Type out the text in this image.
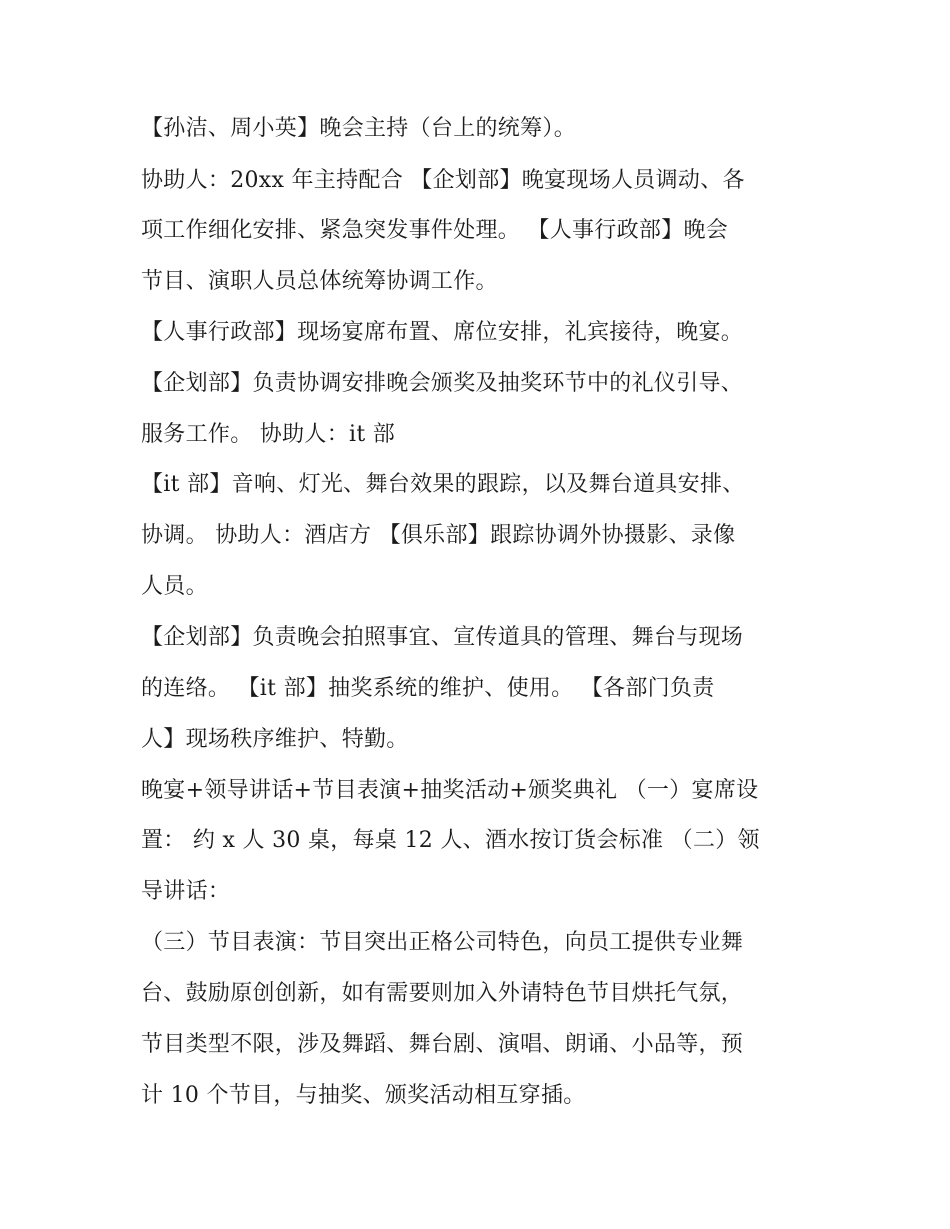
【孙洁、周小英】晚会主持（台上的统筹）。
协助人：20xx 年主持配合 【企划部】晚宴现场人员调动、各
项工作细化安排、紧急突发事件处理。 【人事行政部】晚会
节目、演职人员总体统筹协调工作。
【人事行政部】现场宴席布置、席位安排，礼宾接待，晚宴。
【企划部】负责协调安排晚会颁奖及抽奖环节中的礼仪引导、
服务工作。 协助人：it 部
【it 部】音响、灯光、舞台效果的跟踪，以及舞台道具安排、
协调。 协助人：酒店方 【俱乐部】跟踪协调外协摄影、录像
人员。
【企划部】负责晚会拍照事宜、宣传道具的管理、舞台与现场
的连络。 【it 部】抽奖系统的维护、使用。 【各部门负责
人】现场秩序维护、特勤。
晚宴+领导讲话+节目表演+抽奖活动+颁奖典礼 （一）宴席设
置： 约 x 人 30 桌，每桌 12 人、酒水按订货会标准 （二）领
导讲话：
（三）节目表演：节目突出正格公司特色，向员工提供专业舞
台、鼓励原创创新，如有需要则加入外请特色节目烘托气氛，
节目类型不限，涉及舞蹈、舞台剧、演唱、朗诵、小品等，预
计 10 个节目，与抽奖、颁奖活动相互穿插。
